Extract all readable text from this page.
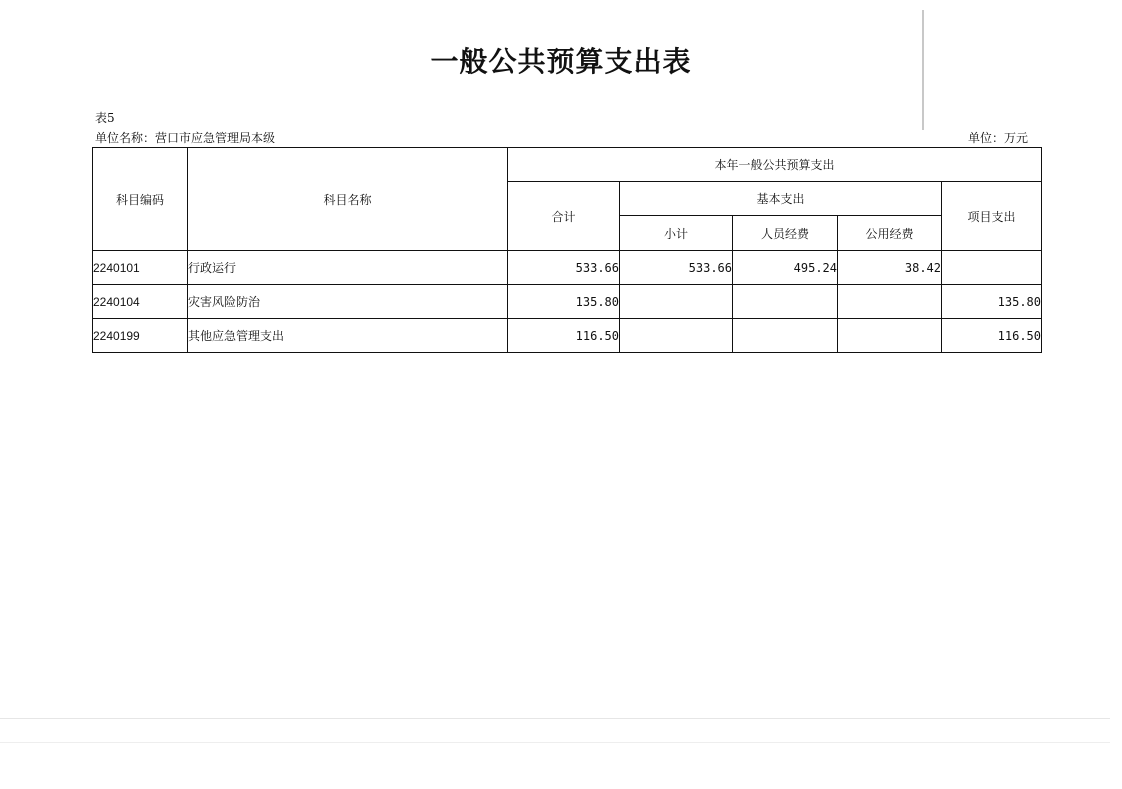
一般公共预算支出表
表5
单位名称：营口市应急管理局本级	单位：万元
科目编码	科目名称	本年一般公共预算支出				
		合计	基本支出			项目支出
			小计	人员经费	公用经费	
2240101	行政运行	533.66	533.66	495.24	38.42	
2240104	灾害风险防治	135.80				135.80
2240199	其他应急管理支出	116.50				116.50
